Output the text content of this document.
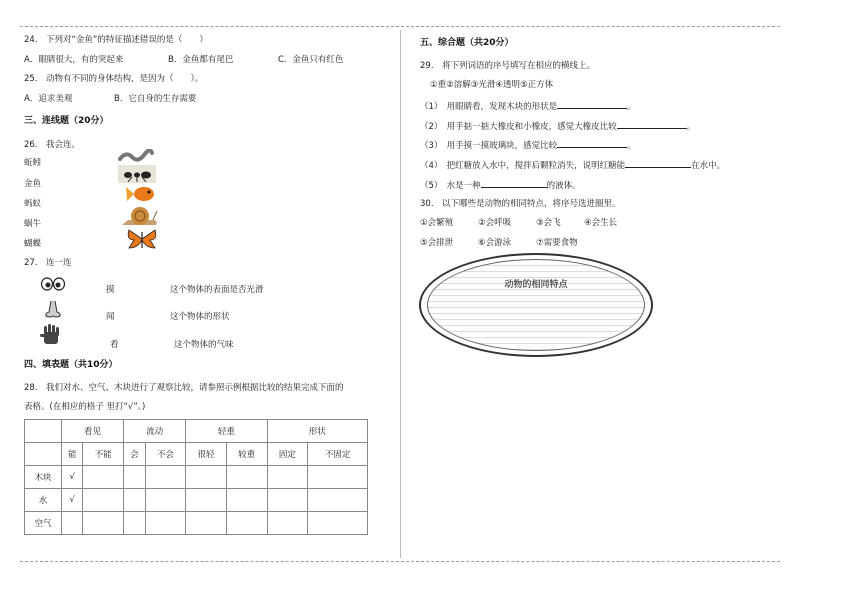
24.　下列对“金鱼”的特征描述错误的是（　　）
A．眼睛很大，有的突起来	B．金鱼都有尾巴	C．金鱼只有红色
25.　动物有不同的身体结构，是因为（　　）。
A．追求美观	B．它自身的生存需要
三、连线题（20分）
26.　我会连。
蚯蚓
金鱼
蚂蚁
蜗牛
蝴蝶
27.　连一连
摸
闻
看
这个物体的表面是否光滑
这个物体的形状
这个物体的气味
四、填表题（共10分）
28.　我们对水、空气、木块进行了观察比较，请参照示例根据比较的结果完成下面的
表格。(在相应的格子 里打“√”。)
	看见		流动		轻重		形状	
	能	不能	会	不会	很轻	较重	固定	不固定
木块	√							
水	√							
空气								
五、综合题（共20分）
29.　将下列词语的序号填写在相应的横线上。
①重②溶解③光滑④透明⑤正方体
（1）　用眼睛看，发现木块的形状是	。
（2）　用手掂一掂大橡皮和小橡皮，感觉大橡皮比较	。
（3）　用手摸一摸玻璃块，感觉比较	。
（4）　把红糖放入水中，搅拌后颗粒消失，说明红糖能	在水中。
（5）　水是一种	的液体。
30.　以下哪些是动物的相同特点，将序号选进圈里。
①会繁殖	②会呼吸	③会飞	④会生长
⑤会排泄	⑥会游泳	⑦需要食物
动物的相同特点
